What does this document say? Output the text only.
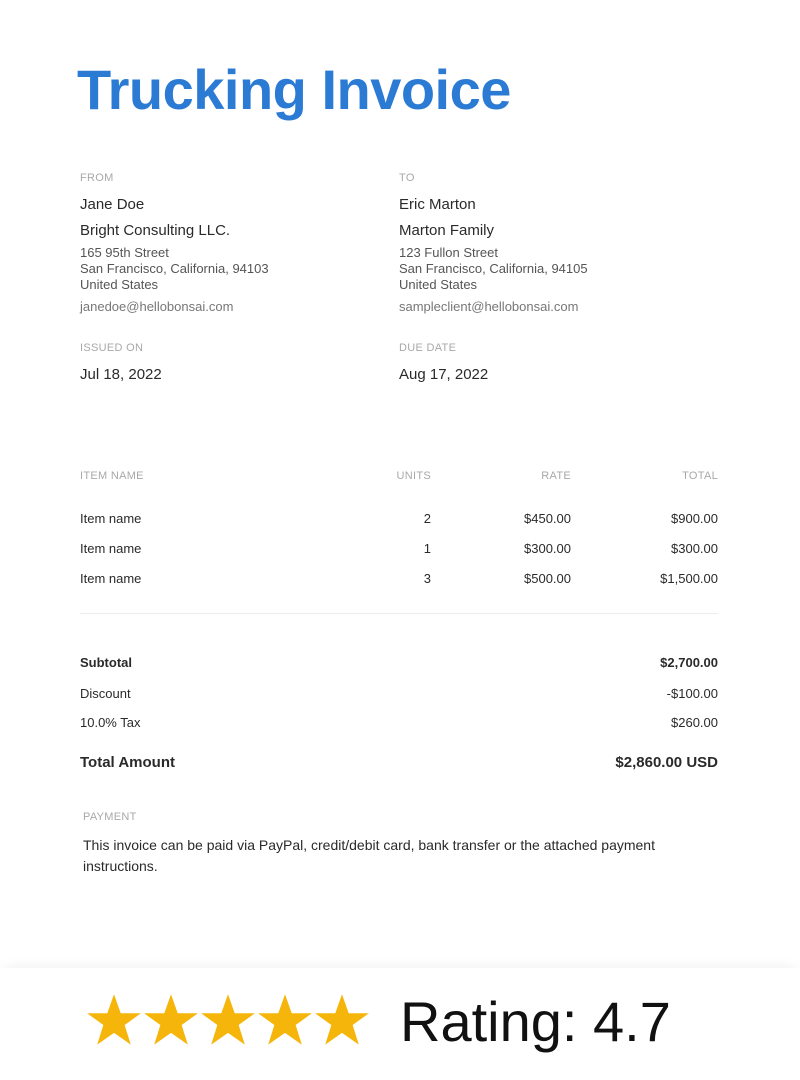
Trucking Invoice
FROM
Jane Doe
Bright Consulting LLC.
165 95th Street
San Francisco, California, 94103
United States
janedoe@hellobonsai.com
TO
Eric Marton
Marton Family
123 Fullon Street
San Francisco, California, 94105
United States
sampleclient@hellobonsai.com
ISSUED ON
Jul 18, 2022
DUE DATE
Aug 17, 2022
ITEM NAME	UNITS	RATE	TOTAL
Item name	2	$450.00	$900.00
Item name	1	$300.00	$300.00
Item name	3	$500.00	$1,500.00
Subtotal	$2,700.00
Discount	-$100.00
10.0% Tax	$260.00
Total Amount	$2,860.00 USD
PAYMENT
This invoice can be paid via PayPal, credit/debit card, bank transfer or the attached payment instructions.
Rating: 4.7
